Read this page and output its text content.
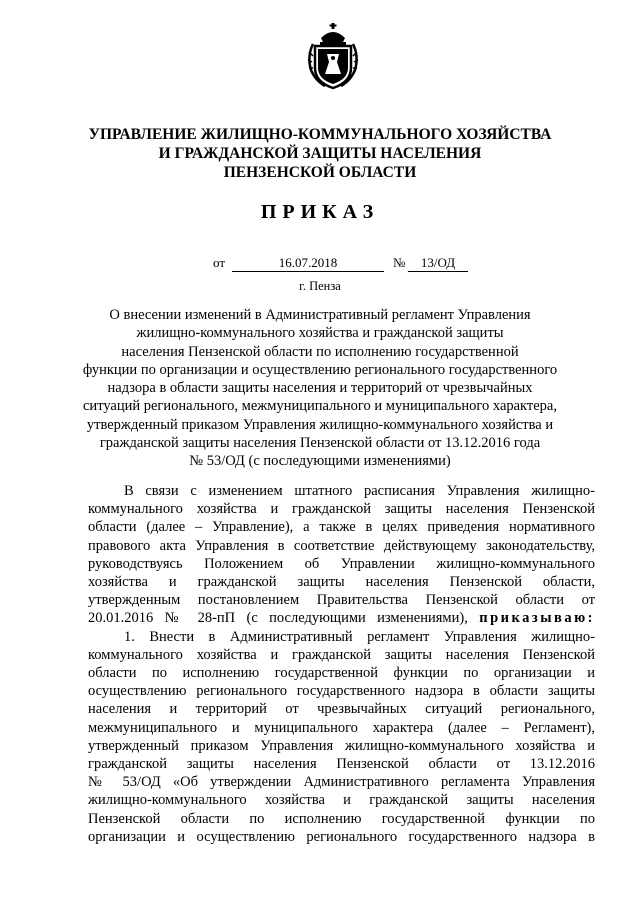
УПРАВЛЕНИЕ ЖИЛИЩНО-КОММУНАЛЬНОГО ХОЗЯЙСТВА
И ГРАЖДАНСКОЙ ЗАЩИТЫ НАСЕЛЕНИЯ
ПЕНЗЕНСКОЙ ОБЛАСТИ
ПРИКАЗ
от	16.07.2018	№	13/ОД
г. Пенза
О внесении изменений в Административный регламент Управления
жилищно-коммунального хозяйства и гражданской защиты
населения Пензенской области по исполнению государственной
функции по организации и осуществлению регионального государственного
надзора в области защиты населения и территорий от чрезвычайных
ситуаций регионального, межмуниципального и муниципального характера,
утвержденный приказом Управления жилищно-коммунального хозяйства и
гражданской защиты населения Пензенской области от 13.12.2016 года
№ 53/ОД (с последующими изменениями)
В связи с изменением штатного расписания Управления жилищно-
коммунального хозяйства и гражданской защиты населения Пензенской
области (далее – Управление), а также в целях приведения нормативного
правового акта Управления в соответствие действующему законодательству,
руководствуясь Положением об Управлении жилищно-коммунального
хозяйства и гражданской защиты населения Пензенской области,
утвержденным постановлением Правительства Пензенской области от
20.01.2016 № 28-пП (с последующими изменениями), приказываю:
1. Внести в Административный регламент Управления жилищно-
коммунального хозяйства и гражданской защиты населения Пензенской
области по исполнению государственной функции по организации и
осуществлению регионального государственного надзора в области защиты
населения и территорий от чрезвычайных ситуаций регионального,
межмуниципального и муниципального характера (далее – Регламент),
утвержденный приказом Управления жилищно-коммунального хозяйства и
гражданской защиты населения Пензенской области от 13.12.2016
№ 53/ОД «Об утверждении Административного регламента Управления
жилищно-коммунального хозяйства и гражданской защиты населения
Пензенской области по исполнению государственной функции по
организации и осуществлению регионального государственного надзора в
